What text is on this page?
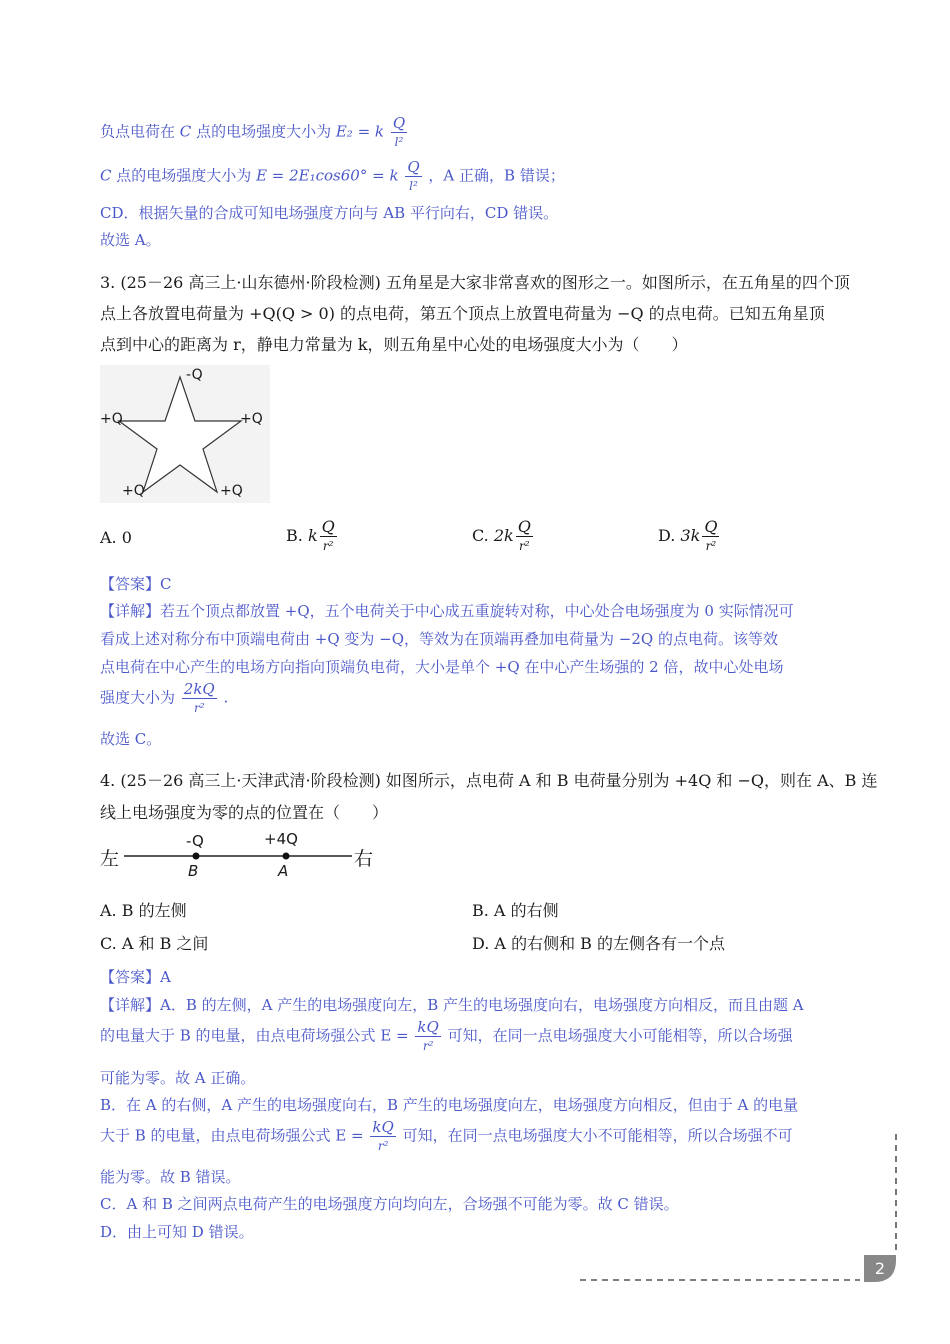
负点电荷在 C 点的电场强度大小为 E₂ = k $\frac{Q}{\text{l²}}$
C 点的电场强度大小为 E = 2E₁cos60° = k $\frac{Q}{\text{l²}}$ ，A 正确，B 错误；
CD．根据矢量的合成可知电场强度方向与 AB 平行向右，CD 错误。
故选 A。
3. (25－26 高三上·山东德州·阶段检测) 五角星是大家非常喜欢的图形之一。如图所示，在五角星的四个顶
点上各放置电荷量为 +Q(Q > 0) 的点电荷，第五个顶点上放置电荷量为 −Q 的点电荷。已知五角星顶
点到中心的距离为 r，静电力常量为 k，则五角星中心处的电场强度大小为（　　）
-Q
+Q	+Q
+Q	+Q
A. 0	B. k $\frac{Q}{\text{r²}}$	C. $2k \frac{Q}{\text{r²}}$	D. $3k \frac{Q}{\text{r²}}$
【答案】C
【详解】若五个顶点都放置 +Q，五个电荷关于中心成五重旋转对称，中心处合电场强度为 0 实际情况可
看成上述对称分布中顶端电荷由 +Q 变为 −Q，等效为在顶端再叠加电荷量为 −2Q 的点电荷。该等效
点电荷在中心产生的电场方向指向顶端负电荷，大小是单个 +Q 在中心产生场强的 2 倍，故中心处电场
强度大小为 $\frac{2kQ}{\text{r²}}$ .
故选 C。
4. (25－26 高三上·天津武清·阶段检测) 如图所示，点电荷 A 和 B 电荷量分别为 +4Q 和 −Q，则在 A、B 连
线上电场强度为零的点的位置在（　　）
左	右
-Q	+4Q
B	A
A. B 的左侧	B. A 的右侧
C. A 和 B 之间	D. A 的右侧和 B 的左侧各有一个点
【答案】A
【详解】A．B 的左侧，A 产生的电场强度向左，B 产生的电场强度向右，电场强度方向相反，而且由题 A
的电量大于 B 的电量，由点电荷场强公式 $E = \frac{kQ}{\text{r²}}$ 可知，在同一点电场强度大小可能相等，所以合场强
可能为零。故 A 正确。
B．在 A 的右侧，A 产生的电场强度向右，B 产生的电场强度向左，电场强度方向相反，但由于 A 的电量
大于 B 的电量，由点电荷场强公式 $E = \frac{kQ}{\text{r²}}$ 可知，在同一点电场强度大小不可能相等，所以合场强不可
能为零。故 B 错误。
C．A 和 B 之间两点电荷产生的电场强度方向均向左，合场强不可能为零。故 C 错误。
D．由上可知 D 错误。
2
